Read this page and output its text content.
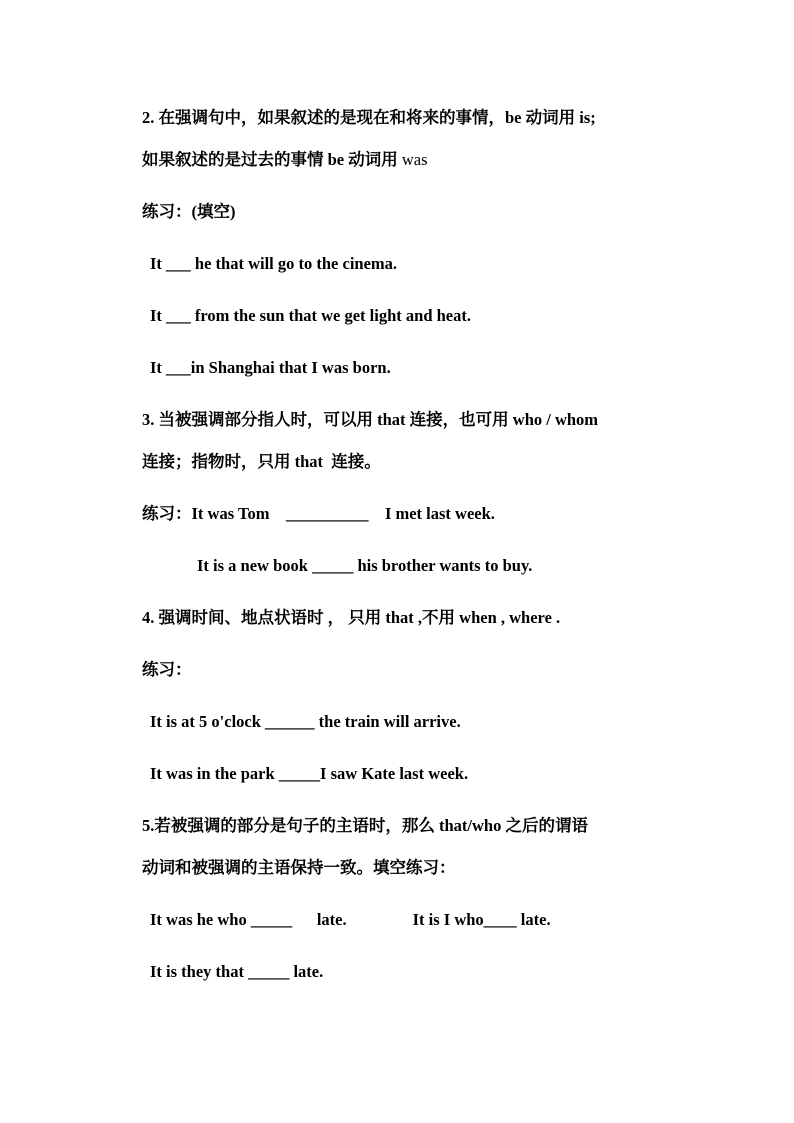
2. 在强调句中，如果叙述的是现在和将来的事情，be 动词用 is;
如果叙述的是过去的事情 be 动词用 was
练习：(填空)
It ___ he that will go to the cinema.
It ___ from the sun that we get light and heat.
It ___in Shanghai that I was born.
3. 当被强调部分指人时，可以用 that 连接，也可用 who / whom
连接；指物时，只用 that  连接。
练习：It was Tom    __________    I met last week.
It is a new book _____ his brother wants to buy.
4. 强调时间、地点状语时 ， 只用 that ,不用 when , where .
练习：
It is at 5 o'clock ______ the train will arrive.
It was in the park _____I saw Kate last week.
5.若被强调的部分是句子的主语时，那么 that/who 之后的谓语
动词和被强调的主语保持一致。填空练习：
It was he who _____      late.                It is I who____ late.
It is they that _____ late.
